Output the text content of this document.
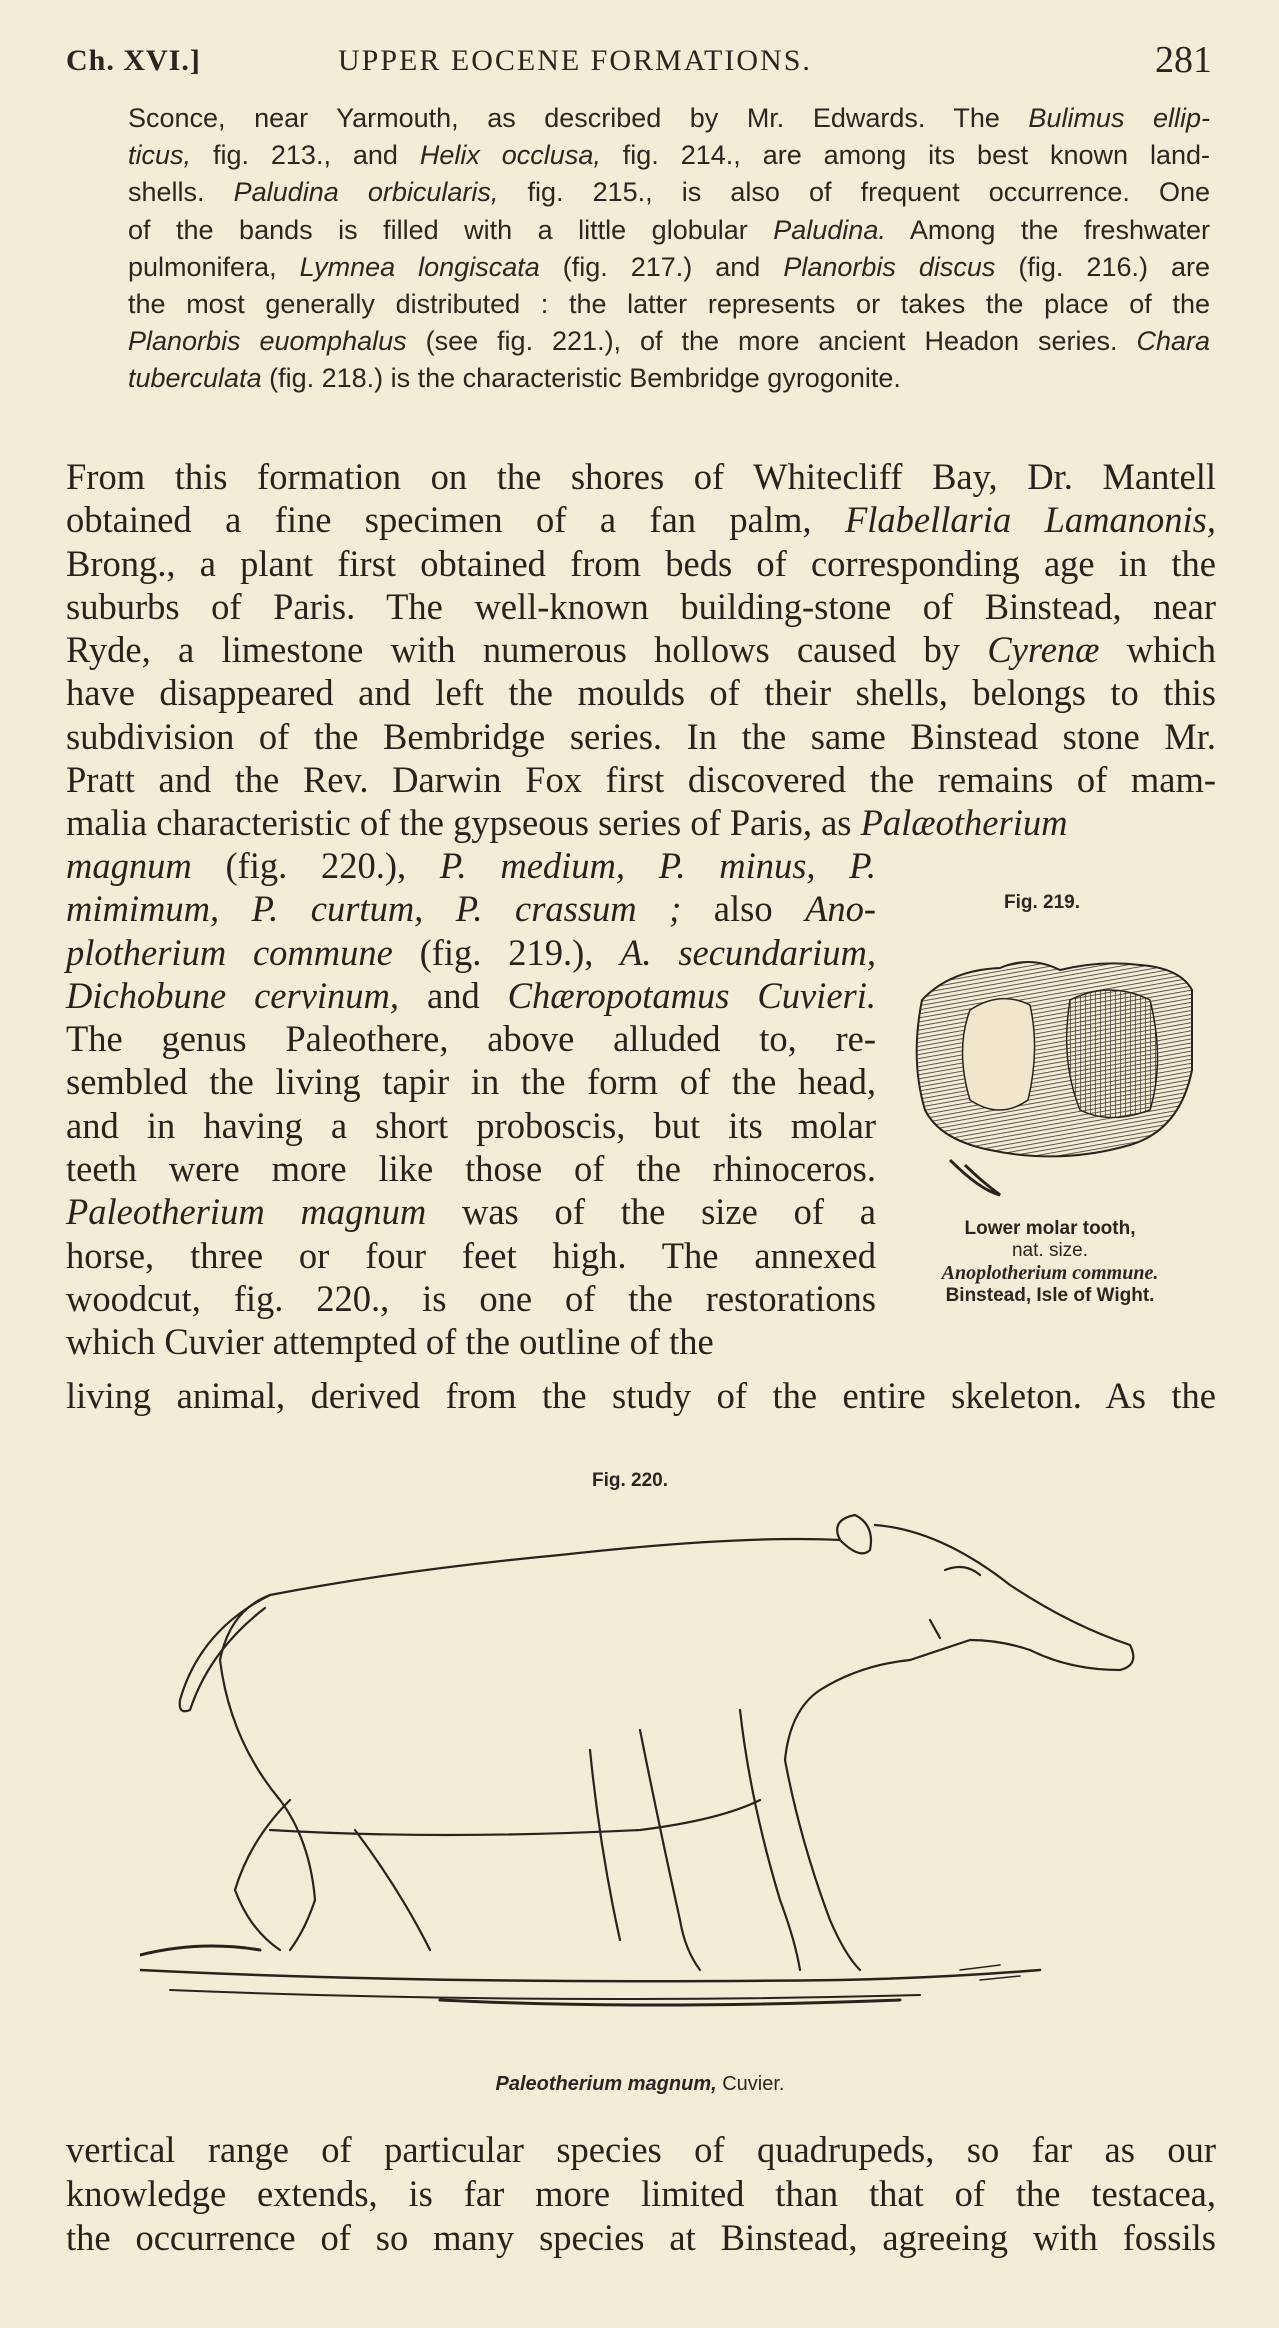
Ch. XVI.]	UPPER EOCENE FORMATIONS.	281
Sconce, near Yarmouth, as described by Mr. Edwards. The Bulimus ellip-
ticus, fig. 213., and Helix occlusa, fig. 214., are among its best known land-
shells. Paludina orbicularis, fig. 215., is also of frequent occurrence. One
of the bands is filled with a little globular Paludina. Among the freshwater
pulmonifera, Lymnea longiscata (fig. 217.) and Planorbis discus (fig. 216.) are
the most generally distributed : the latter represents or takes the place of the
Planorbis euomphalus (see fig. 221.), of the more ancient Headon series. Chara
tuberculata (fig. 218.) is the characteristic Bembridge gyrogonite.
From this formation on the shores of Whitecliff Bay, Dr. Mantell
obtained a fine specimen of a fan palm, Flabellaria Lamanonis,
Brong., a plant first obtained from beds of corresponding age in the
suburbs of Paris. The well-known building-stone of Binstead, near
Ryde, a limestone with numerous hollows caused by Cyrenæ which
have disappeared and left the moulds of their shells, belongs to this
subdivision of the Bembridge series. In the same Binstead stone Mr.
Pratt and the Rev. Darwin Fox first discovered the remains of mam-
malia characteristic of the gypseous series of Paris, as Palæotherium
magnum (fig. 220.), P. medium, P. minus, P.
mimimum, P. curtum, P. crassum ; also Ano-
plotherium commune (fig. 219.), A. secundarium,
Dichobune cervinum, and Chæropotamus Cuvieri.
The genus Paleothere, above alluded to, re-
sembled the living tapir in the form of the head,
and in having a short proboscis, but its molar
teeth were more like those of the rhinoceros.
Paleotherium magnum was of the size of a
horse, three or four feet high. The annexed
woodcut, fig. 220., is one of the restorations
which Cuvier attempted of the outline of the
living animal, derived from the study of the entire skeleton. As the
Fig. 219.
Lower molar tooth,
nat. size.
Anoplotherium commune.
Binstead, Isle of Wight.
Fig. 220.
Paleotherium magnum, Cuvier.
vertical range of particular species of quadrupeds, so far as our
knowledge extends, is far more limited than that of the testacea,
the occurrence of so many species at Binstead, agreeing with fossils
